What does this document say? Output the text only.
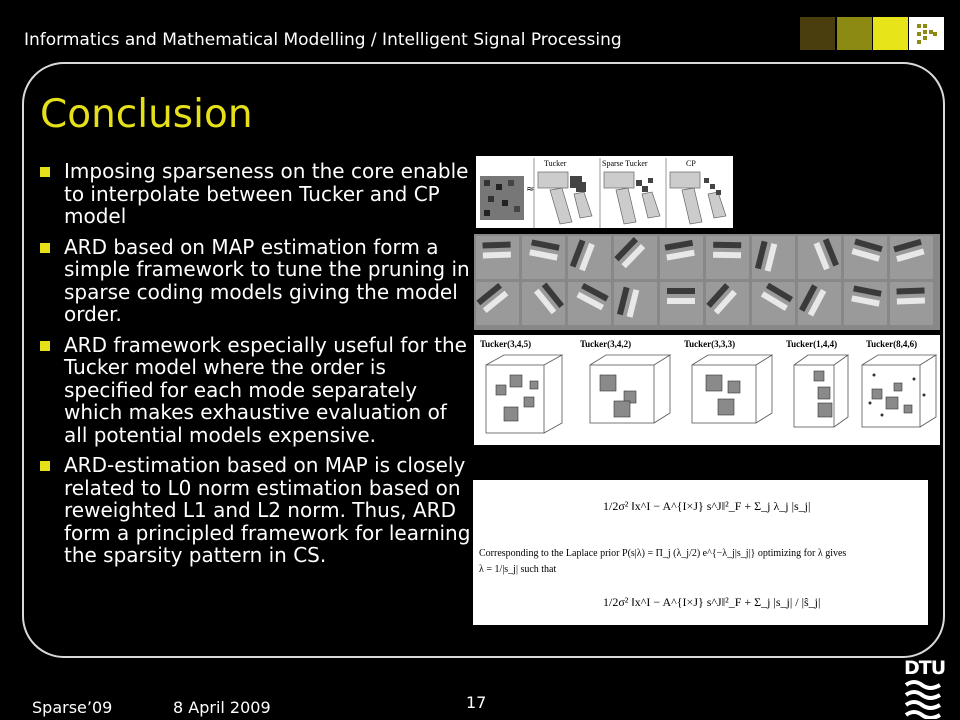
Informatics and Mathematical Modelling / Intelligent Signal Processing
Conclusion
Imposing sparseness on the core enable to interpolate between Tucker and CP model
ARD based on MAP estimation form a simple framework to tune the pruning in sparse coding models giving the model order.
ARD framework especially useful for the Tucker model where the order is specified for each mode separately which makes exhaustive evaluation of all potential models expensive.
ARD-estimation based on MAP is closely related to L0 norm estimation based on reweighted L1 and L2 norm. Thus, ARD form a principled framework for learning the sparsity pattern in CS.
≈
Tucker	Sparse Tucker	CP
Tucker(3,4,5)	Tucker(3,4,2)	Tucker(3,3,3)	Tucker(1,4,4)	Tucker(8,4,6)
1/2σ² ‖x^I − A^{I×J} s^J‖²_F + Σ_j λ_j |s_j|
Corresponding to the Laplace prior P(s|λ) = Π_j (λ_j/2) e^{−λ_j|s_j|} optimizing for λ gives
λ = 1/|s_j| such that
1/2σ² ‖x^I − A^{I×J} s^J‖²_F + Σ_j |s_j| / |ŝ_j|
Sparse’09	8 April 2009	17
DTU
